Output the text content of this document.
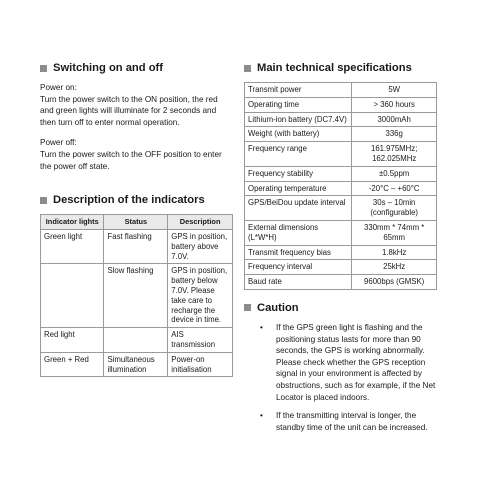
Switching on and off

Power on:

Turn the power switch to the ON position, the red and green lights will illuminate for 2 seconds and then turn off to enter normal operation.

Power off:

Turn the power switch to the OFF position to enter the power off state.

Description of the indicators
Indicator lights	Status	Description
Green light	Fast flashing	GPS in position, battery above 7.0V.
	Slow flashing	GPS in position, battery below 7.0V. Please take care to recharge the device in time.
Red light		AIS transmission
Green + Red	Simultaneous illumination	Power-on initialisation
Main technical specifications
Transmit power	5W
Operating time	> 360 hours
Lithium-ion battery (DC7.4V)	3000mAh
Weight (with battery)	336g
Frequency range	161.975MHz; 162.025MHz
Frequency stability	±0.5ppm
Operating temperature	-20°C – +60°C
GPS/BeiDou update interval	30s – 10min (configurable)
External dimensions (L*W*H)	330mm * 74mm * 65mm
Transmit frequency bias	1.8kHz
Frequency interval	25kHz
Baud rate	9600bps (GMSK)
Caution
• If the GPS green light is flashing and the positioning status lasts for more than 90 seconds, the GPS is working abnormally. Please check whether the GPS reception signal in your environment is affected by obstructions, such as for example, if the Net Locator is placed indoors.
• If the transmitting interval is longer, the standby time of the unit can be increased.
